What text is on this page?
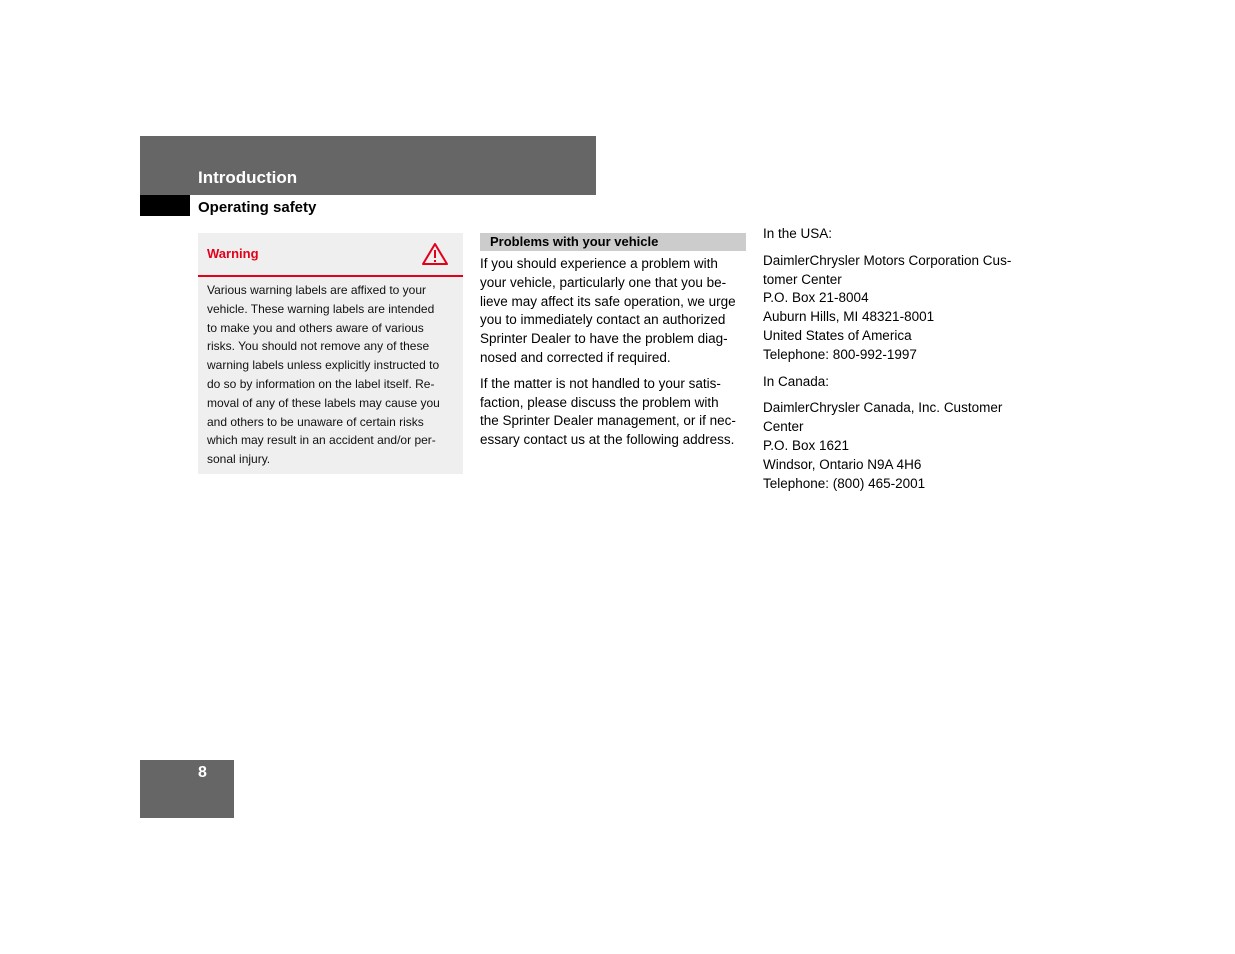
Introduction
Operating safety
Warning

Various warning labels are affixed to your
vehicle. These warning labels are intended
to make you and others aware of various
risks. You should not remove any of these
warning labels unless explicitly instructed to
do so by information on the label itself. Re-
moval of any of these labels may cause you
and others to be unaware of certain risks
which may result in an accident and/or per-
sonal injury.

Problems with your vehicle

If you should experience a problem with
your vehicle, particularly one that you be-
lieve may affect its safe operation, we urge
you to immediately contact an authorized
Sprinter Dealer to have the problem diag-
nosed and corrected if required.

If the matter is not handled to your satis-
faction, please discuss the problem with
the Sprinter Dealer management, or if nec-
essary contact us at the following address.

In the USA:

DaimlerChrysler Motors Corporation Cus-
tomer Center
P.O. Box 21-8004
Auburn Hills, MI 48321-8001
United States of America
Telephone: 800-992-1997

In Canada:

DaimlerChrysler Canada, Inc. Customer
Center
P.O. Box 1621
Windsor, Ontario N9A 4H6
Telephone: (800) 465-2001

8
